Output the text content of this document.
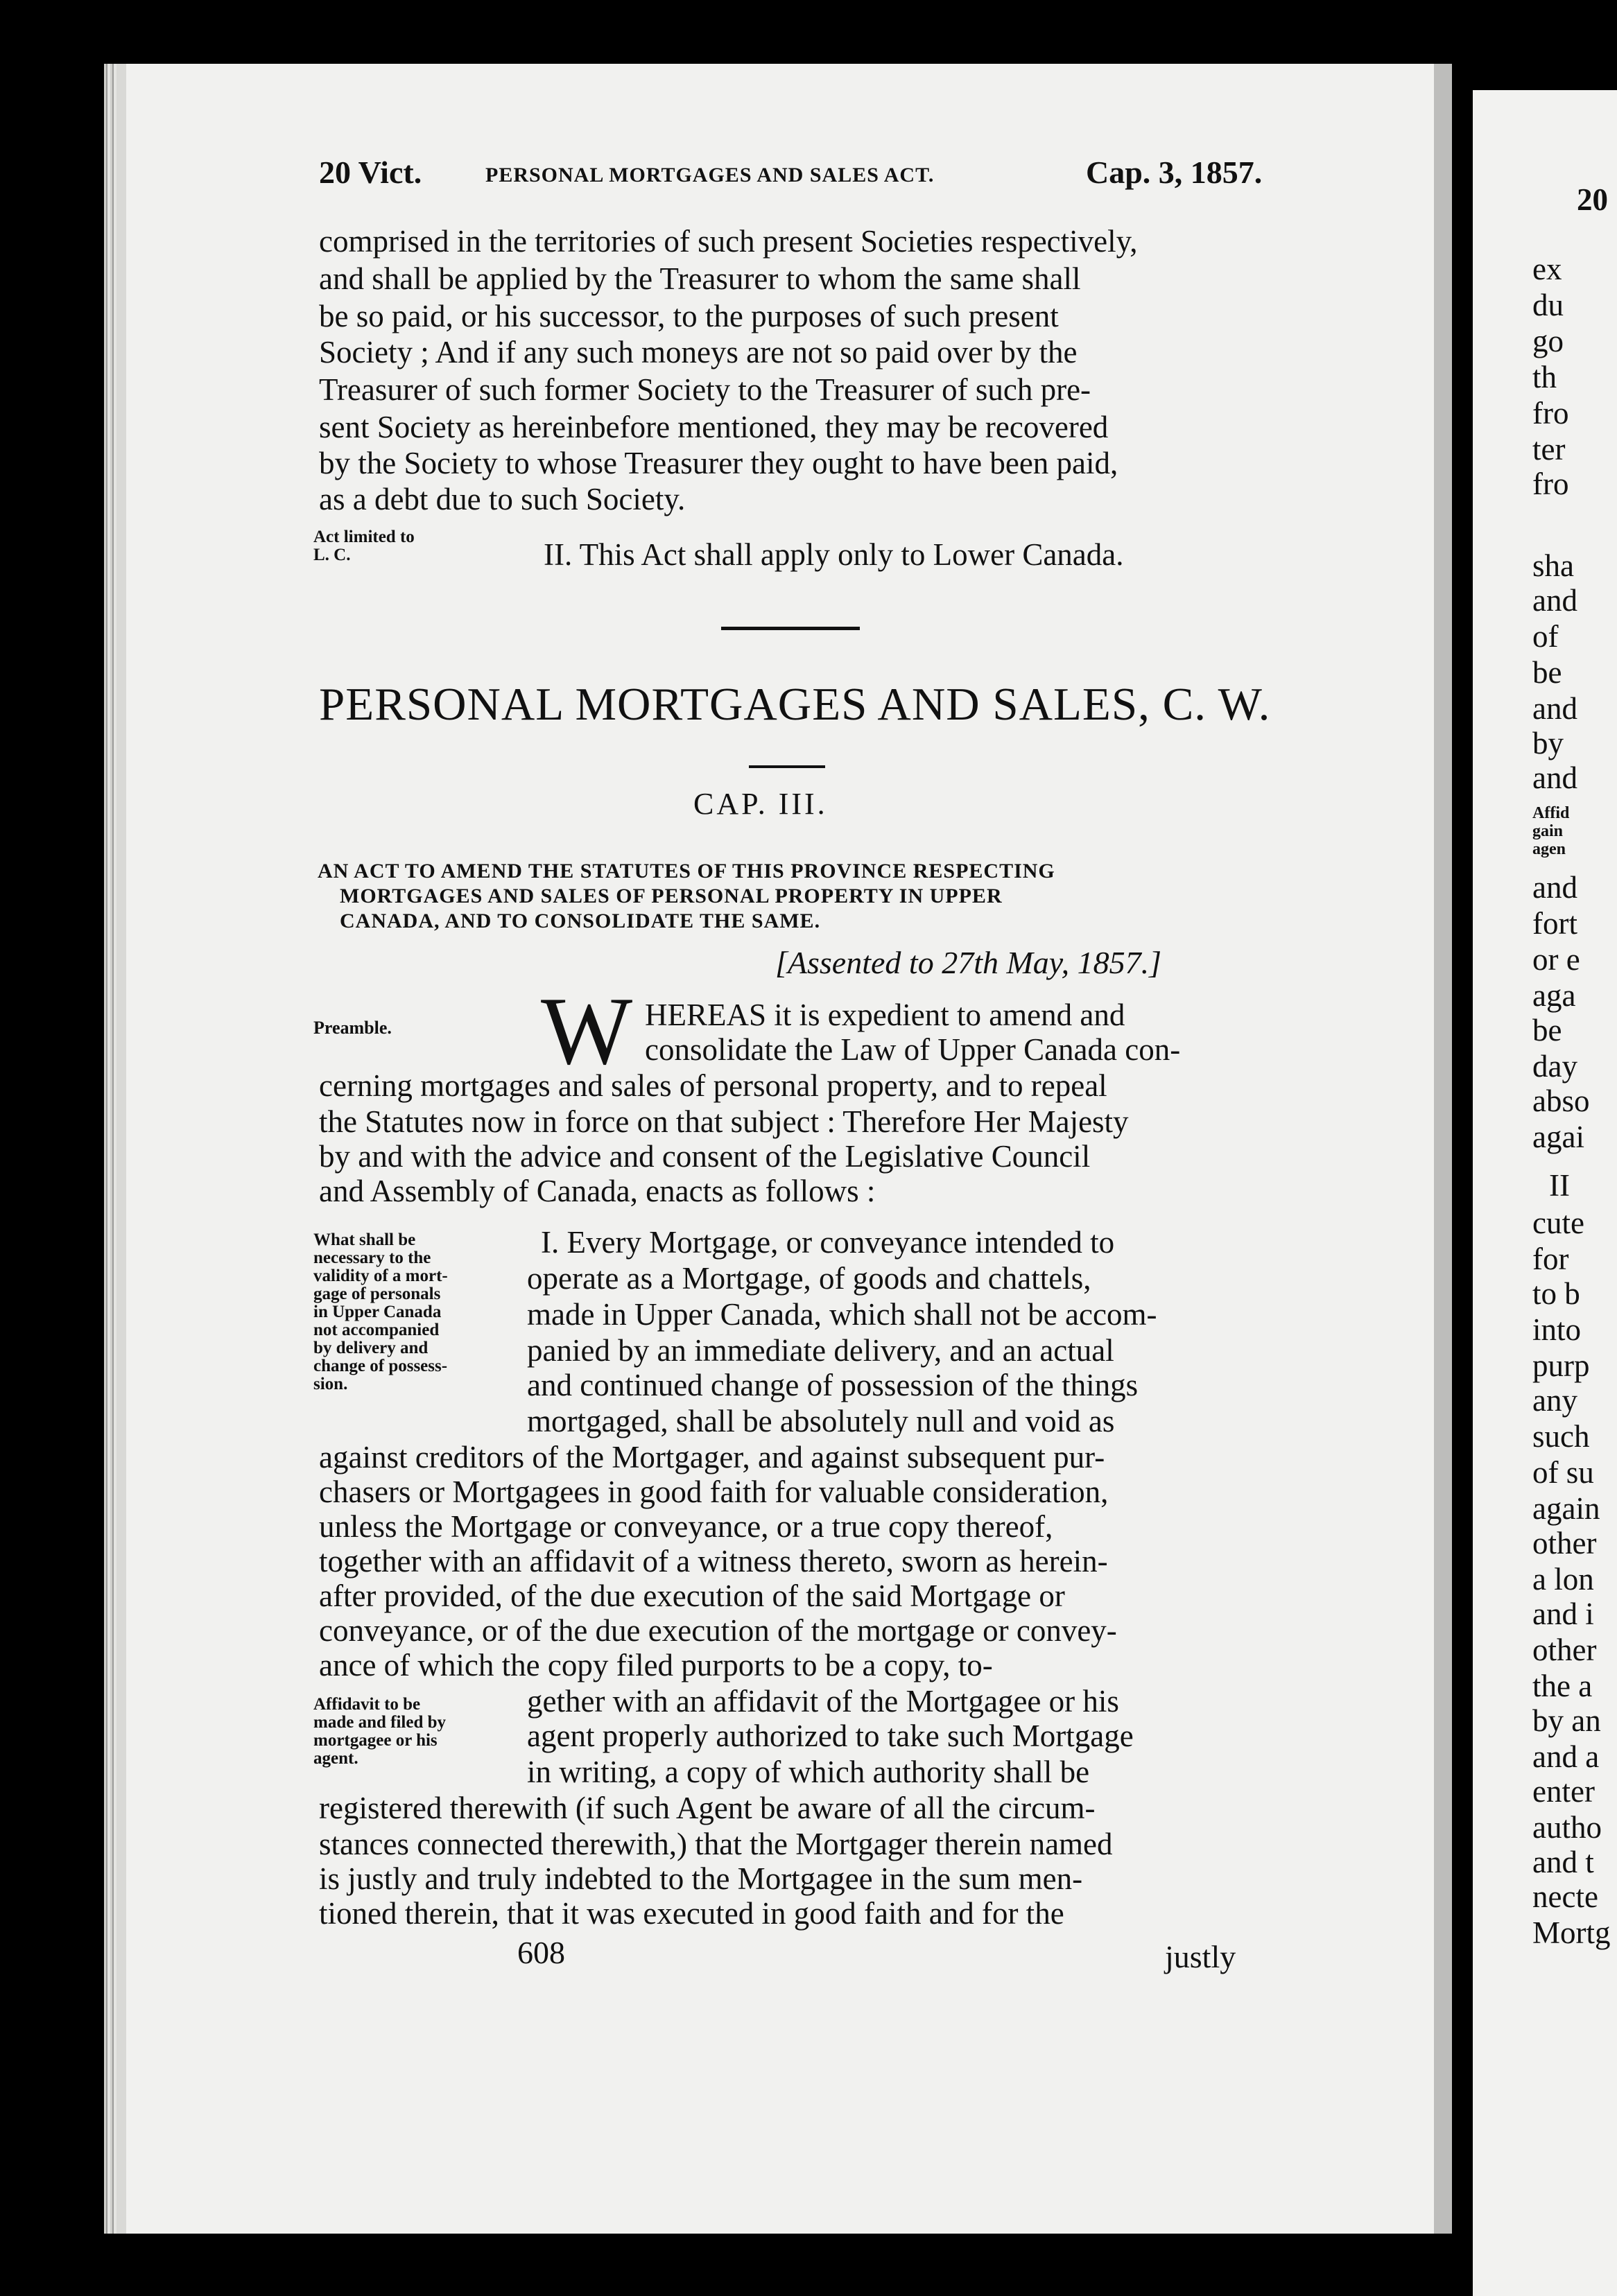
20 Vict.	PERSONAL MORTGAGES AND SALES ACT.	Cap. 3, 1857.
comprised in the territories of such present Societies respectively,
and shall be applied by the Treasurer to whom the same shall
be so paid, or his successor, to the purposes of such present
Society ; And if any such moneys are not so paid over by the
Treasurer of such former Society to the Treasurer of such pre-
sent Society as hereinbefore mentioned, they may be recovered
by the Society to whose Treasurer they ought to have been paid,
as a debt due to such Society.
Act limited to
L. C.	II. This Act shall apply only to Lower Canada.
PERSONAL MORTGAGES AND SALES, C. W.
CAP. III.
AN ACT TO AMEND THE STATUTES OF THIS PROVINCE RESPECTING
MORTGAGES AND SALES OF PERSONAL PROPERTY IN UPPER
CANADA, AND TO CONSOLIDATE THE SAME.
[Assented to 27th May, 1857.]
Preamble. W HEREAS it is expedient to amend and
consolidate the Law of Upper Canada con-
cerning mortgages and sales of personal property, and to repeal
the Statutes now in force on that subject : Therefore Her Majesty
by and with the advice and consent of the Legislative Council
and Assembly of Canada, enacts as follows :
What shall be
necessary to the
validity of a mort-
gage of personals
in Upper Canada
not accompanied
by delivery and
change of possess-
sion.
I. Every Mortgage, or conveyance intended to
operate as a Mortgage, of goods and chattels,
made in Upper Canada, which shall not be accom-
panied by an immediate delivery, and an actual
and continued change of possession of the things
mortgaged, shall be absolutely null and void as
against creditors of the Mortgager, and against subsequent pur-
chasers or Mortgagees in good faith for valuable consideration,
unless the Mortgage or conveyance, or a true copy thereof,
together with an affidavit of a witness thereto, sworn as herein-
after provided, of the due execution of the said Mortgage or
conveyance, or of the due execution of the mortgage or convey-
ance of which the copy filed purports to be a copy, to-
Affidavit to be
made and filed by
mortgagee or his
agent.
gether with an affidavit of the Mortgagee or his
agent properly authorized to take such Mortgage
in writing, a copy of which authority shall be
registered therewith (if such Agent be aware of all the circum-
stances connected therewith,) that the Mortgager therein named
is justly and truly indebted to the Mortgagee in the sum men-
tioned therein, that it was executed in good faith and for the
608	justly
20
ex
du
go
th
fro
ter
fro
sha
and
of
be
and
by
and
Affid
gain
agen
and
fort
or e
aga
be
day
abso
agai
II
cute
for
to b
into
purp
any
such
of su
again
other
a lon
and i
other
the a
by an
and a
enter
autho
and t
necte
Mortg
